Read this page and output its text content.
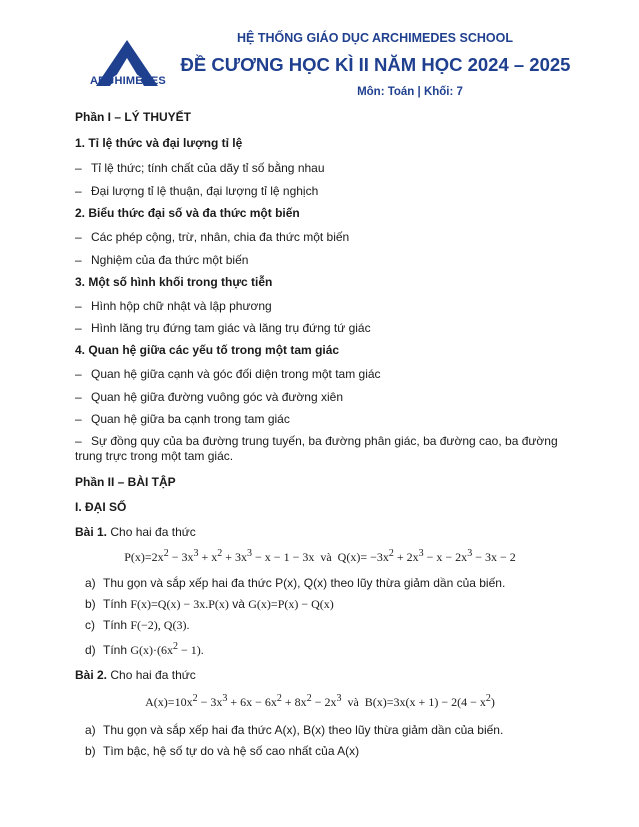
ARCHIMEDES
HỆ THỐNG GIÁO DỤC ARCHIMEDES SCHOOL
ĐỀ CƯƠNG HỌC KÌ II NĂM HỌC 2024 – 2025
Môn: Toán | Khối: 7
Phần I – LÝ THUYẾT
1. Tỉ lệ thức và đại lượng tỉ lệ
– Tỉ lệ thức; tính chất của dãy tỉ số bằng nhau
– Đại lượng tỉ lệ thuận, đại lượng tỉ lệ nghịch
2. Biểu thức đại số và đa thức một biến
– Các phép cộng, trừ, nhân, chia đa thức một biến
– Nghiệm của đa thức một biến
3. Một số hình khối trong thực tiễn
– Hình hộp chữ nhật và lập phương
– Hình lăng trụ đứng tam giác và lăng trụ đứng tứ giác
4. Quan hệ giữa các yếu tố trong một tam giác
– Quan hệ giữa cạnh và góc đối diện trong một tam giác
– Quan hệ giữa đường vuông góc và đường xiên
– Quan hệ giữa ba cạnh trong tam giác
– Sự đồng quy của ba đường trung tuyến, ba đường phân giác, ba đường cao, ba đường trung trực trong một tam giác.
Phần II – BÀI TẬP
I. ĐẠI SỐ
Bài 1. Cho hai đa thức
$P(x)=2x^2 - 3x^3 + x^2 + 3x^3 - x - 1 - 3x$  và  $Q(x)= -3x^2 + 2x^3 - x - 2x^3 - 3x - 2$
a) Thu gọn và sắp xếp hai đa thức P(x), Q(x) theo lũy thừa giảm dần của biến.
b) Tính F(x)=Q(x) − 3x.P(x) và G(x)=P(x) − Q(x)
c) Tính F(−2), Q(3).
d) Tính $G(x)\cdot(6x^2 - 1)$.
Bài 2. Cho hai đa thức
$A(x)=10x^2 - 3x^3 + 6x - 6x^2 + 8x^2 - 2x^3$  và  $B(x)=3x(x + 1) - 2(4 - x^2)$
a) Thu gọn và sắp xếp hai đa thức A(x), B(x) theo lũy thừa giảm dần của biến.
b) Tìm bậc, hệ số tự do và hệ số cao nhất của A(x)
